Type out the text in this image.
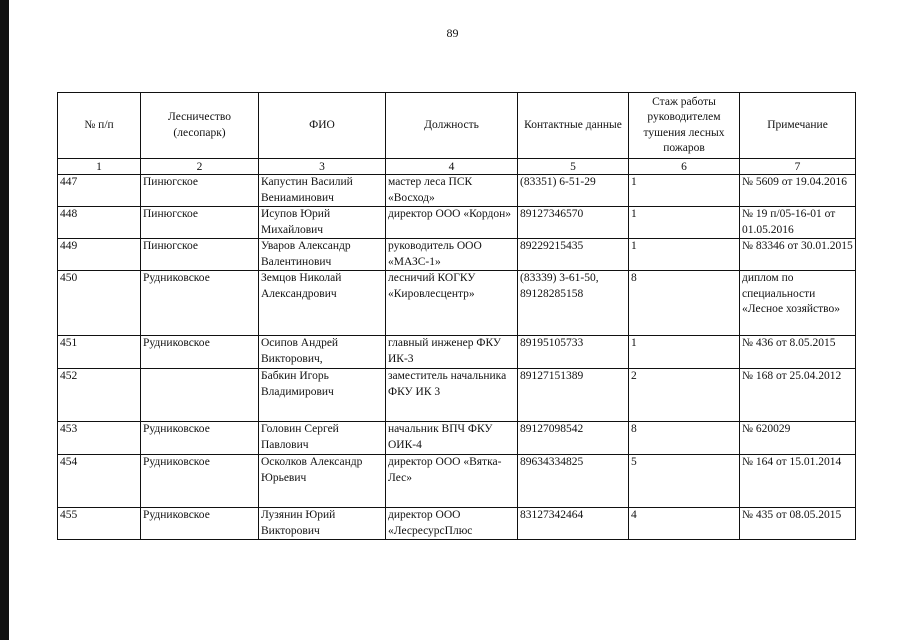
89
№ п/п	Лесничество (лесопарк)	ФИО	Должность	Контактные данные	Стаж работы руководителем тушения лесных пожаров	Примечание
1	2	3	4	5	6	7
447	Пинюгское	Капустин Василий Вениаминович	мастер леса ПСК «Восход»	(83351) 6-51-29	1	№ 5609 от 19.04.2016
448	Пинюгское	Исупов Юрий Михайлович	директор ООО «Кордон»	89127346570	1	№ 19 п/05-16-01 от 01.05.2016
449	Пинюгское	Уваров Александр Валентинович	руководитель ООО «МАЗС-1»	89229215435	1	№ 83346 от 30.01.2015
450	Рудниковское	Земцов Николай Александрович	лесничий КОГКУ «Кировлесцентр»	(83339) 3-61-50, 89128285158	8	диплом по специальности «Лесное хозяйство»
451	Рудниковское	Осипов Андрей Викторович,	главный инженер ФКУ ИК-3	89195105733	1	№ 436 от 8.05.2015
452		Бабкин Игорь Владимирович	заместитель начальника ФКУ ИК 3	89127151389	2	№ 168 от 25.04.2012
453	Рудниковское	Головин Сергей Павлович	начальник ВПЧ ФКУ ОИК-4	89127098542	8	№ 620029
454	Рудниковское	Осколков Александр Юрьевич	директор ООО «Вятка-Лес»	89634334825	5	№ 164 от 15.01.2014
455	Рудниковское	Лузянин Юрий Викторович	директор ООО «ЛесресурсПлюс	83127342464	4	№ 435 от 08.05.2015
